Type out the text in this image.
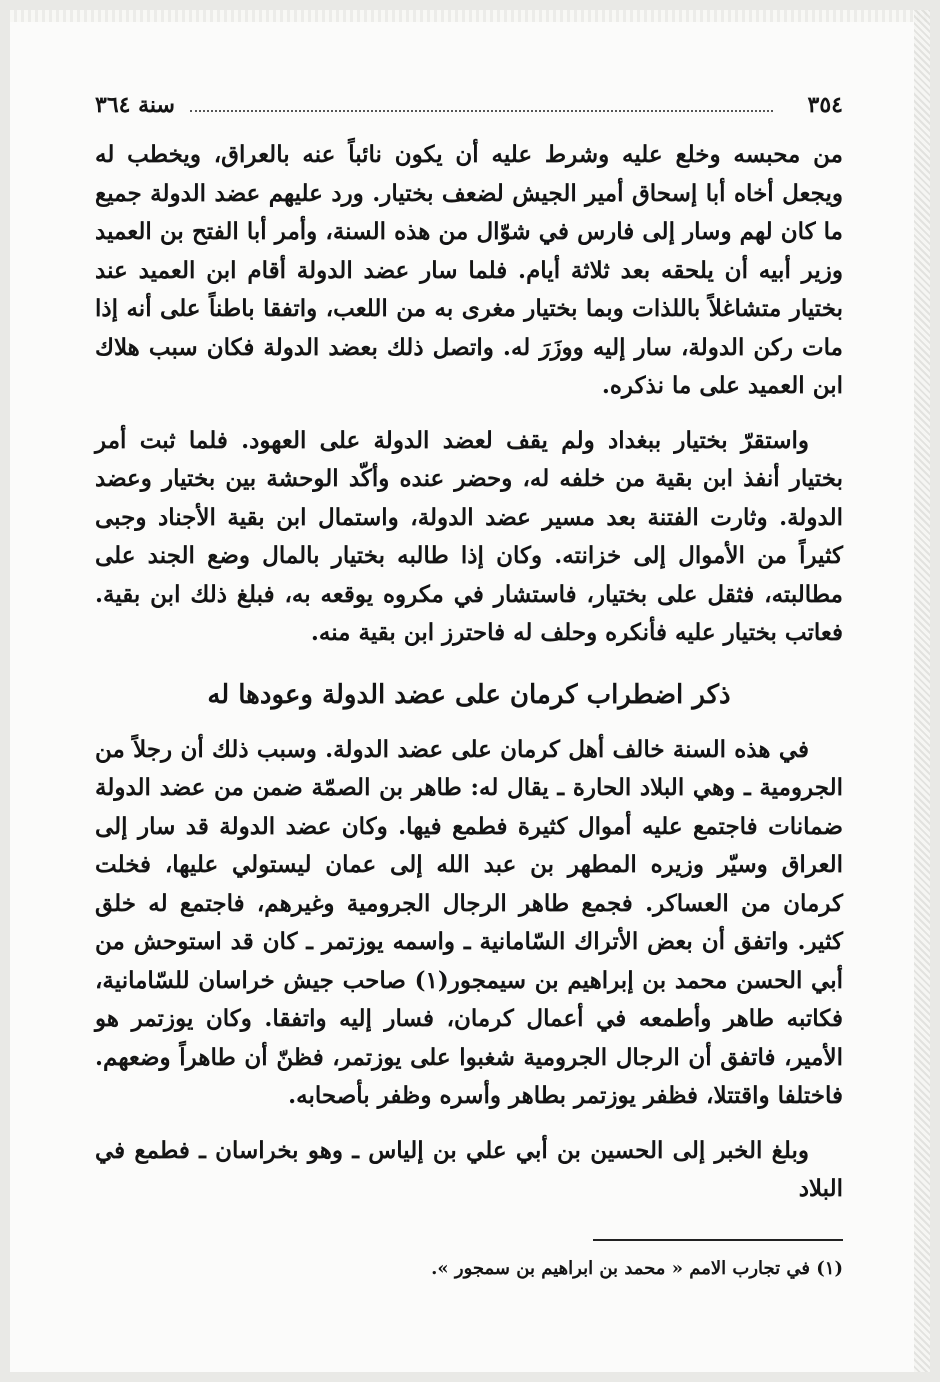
٣٥٤
سنة ٣٦٤

من محبسه وخلع عليه وشرط عليه أن يكون نائباً عنه بالعراق، ويخطب له ويجعل أخاه أبا إسحاق أمير الجيش لضعف بختيار. ورد عليهم عضد الدولة جميع ما كان لهم وسار إلى فارس في شوّال من هذه السنة، وأمر أبا الفتح بن العميد وزير أبيه أن يلحقه بعد ثلاثة أيام. فلما سار عضد الدولة أقام ابن العميد عند بختيار متشاغلاً باللذات وبما بختيار مغرى به من اللعب، واتفقا باطناً على أنه إذا مات ركن الدولة، سار إليه ووزَرَ له. واتصل ذلك بعضد الدولة فكان سبب هلاك ابن العميد على ما نذكره.

واستقرّ بختيار ببغداد ولم يقف لعضد الدولة على العهود. فلما ثبت أمر بختيار أنفذ ابن بقية من خلفه له، وحضر عنده وأكّد الوحشة بين بختيار وعضد الدولة. وثارت الفتنة بعد مسير عضد الدولة، واستمال ابن بقية الأجناد وجبى كثيراً من الأموال إلى خزانته. وكان إذا طالبه بختيار بالمال وضع الجند على مطالبته، فثقل على بختيار، فاستشار في مكروه يوقعه به، فبلغ ذلك ابن بقية. فعاتب بختيار عليه فأنكره وحلف له فاحترز ابن بقية منه.

ذكر اضطراب كرمان على عضد الدولة وعودها له

في هذه السنة خالف أهل كرمان على عضد الدولة. وسبب ذلك أن رجلاً من الجرومية ـ وهي البلاد الحارة ـ يقال له: طاهر بن الصمّة ضمن من عضد الدولة ضمانات فاجتمع عليه أموال كثيرة فطمع فيها. وكان عضد الدولة قد سار إلى العراق وسيّر وزيره المطهر بن عبد الله إلى عمان ليستولي عليها، فخلت كرمان من العساكر. فجمع طاهر الرجال الجرومية وغيرهم، فاجتمع له خلق كثير. واتفق أن بعض الأتراك السّامانية ـ واسمه يوزتمر ـ كان قد استوحش من أبي الحسن محمد بن إبراهيم بن سيمجور(١) صاحب جيش خراسان للسّامانية، فكاتبه طاهر وأطمعه في أعمال كرمان، فسار إليه واتفقا. وكان يوزتمر هو الأمير، فاتفق أن الرجال الجرومية شغبوا على يوزتمر، فظنّ أن طاهراً وضعهم. فاختلفا واقتتلا، فظفر يوزتمر بطاهر وأسره وظفر بأصحابه.

وبلغ الخبر إلى الحسين بن أبي علي بن إلياس ـ وهو بخراسان ـ فطمع في البلاد

(١) في تجارب الامم « محمد بن ابراهيم بن سمجور ».
